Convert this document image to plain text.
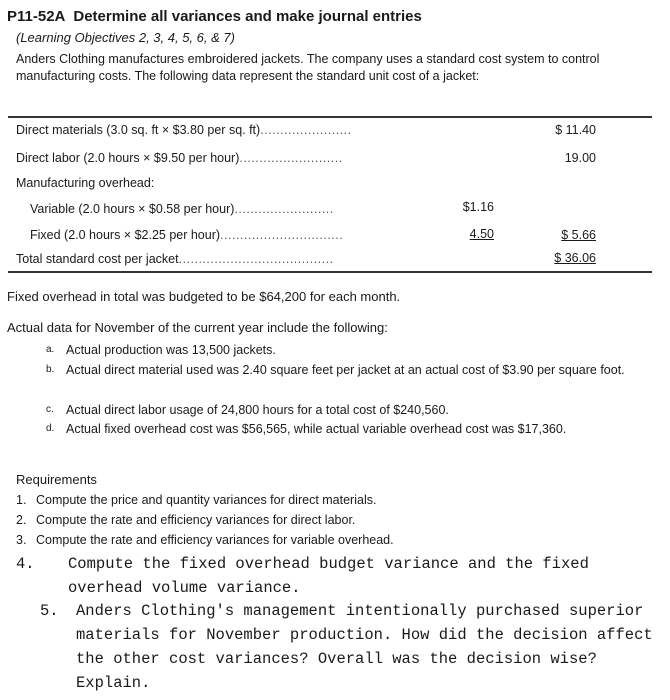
P11-52A Determine all variances and make journal entries
(Learning Objectives 2, 3, 4, 5, 6, & 7)
Anders Clothing manufactures embroidered jackets. The company uses a standard cost system to control manufacturing costs. The following data represent the standard unit cost of a jacket:
Direct materials (3.0 sq. ft × $3.80 per sq. ft).......................	$ 11.40
Direct labor (2.0 hours × $9.50 per hour)..........................	19.00
Manufacturing overhead:
Variable (2.0 hours × $0.58 per hour).........................	$1.16
Fixed (2.0 hours × $2.25 per hour)...............................	4.50	$ 5.66
Total standard cost per jacket.......................................	$ 36.06
Fixed overhead in total was budgeted to be $64,200 for each month.
Actual data for November of the current year include the following:
a. Actual production was 13,500 jackets.
b. Actual direct material used was 2.40 square feet per jacket at an actual cost of $3.90 per square foot.
c. Actual direct labor usage of 24,800 hours for a total cost of $240,560.
d. Actual fixed overhead cost was $56,565, while actual variable overhead cost was $17,360.
Requirements
1. Compute the price and quantity variances for direct materials.
2. Compute the rate and efficiency variances for direct labor.
3. Compute the rate and efficiency variances for variable overhead.
4. Compute the fixed overhead budget variance and the fixed overhead volume variance.
5. Anders Clothing's management intentionally purchased superior materials for November production. How did the decision affect the other cost variances? Overall was the decision wise? Explain.
